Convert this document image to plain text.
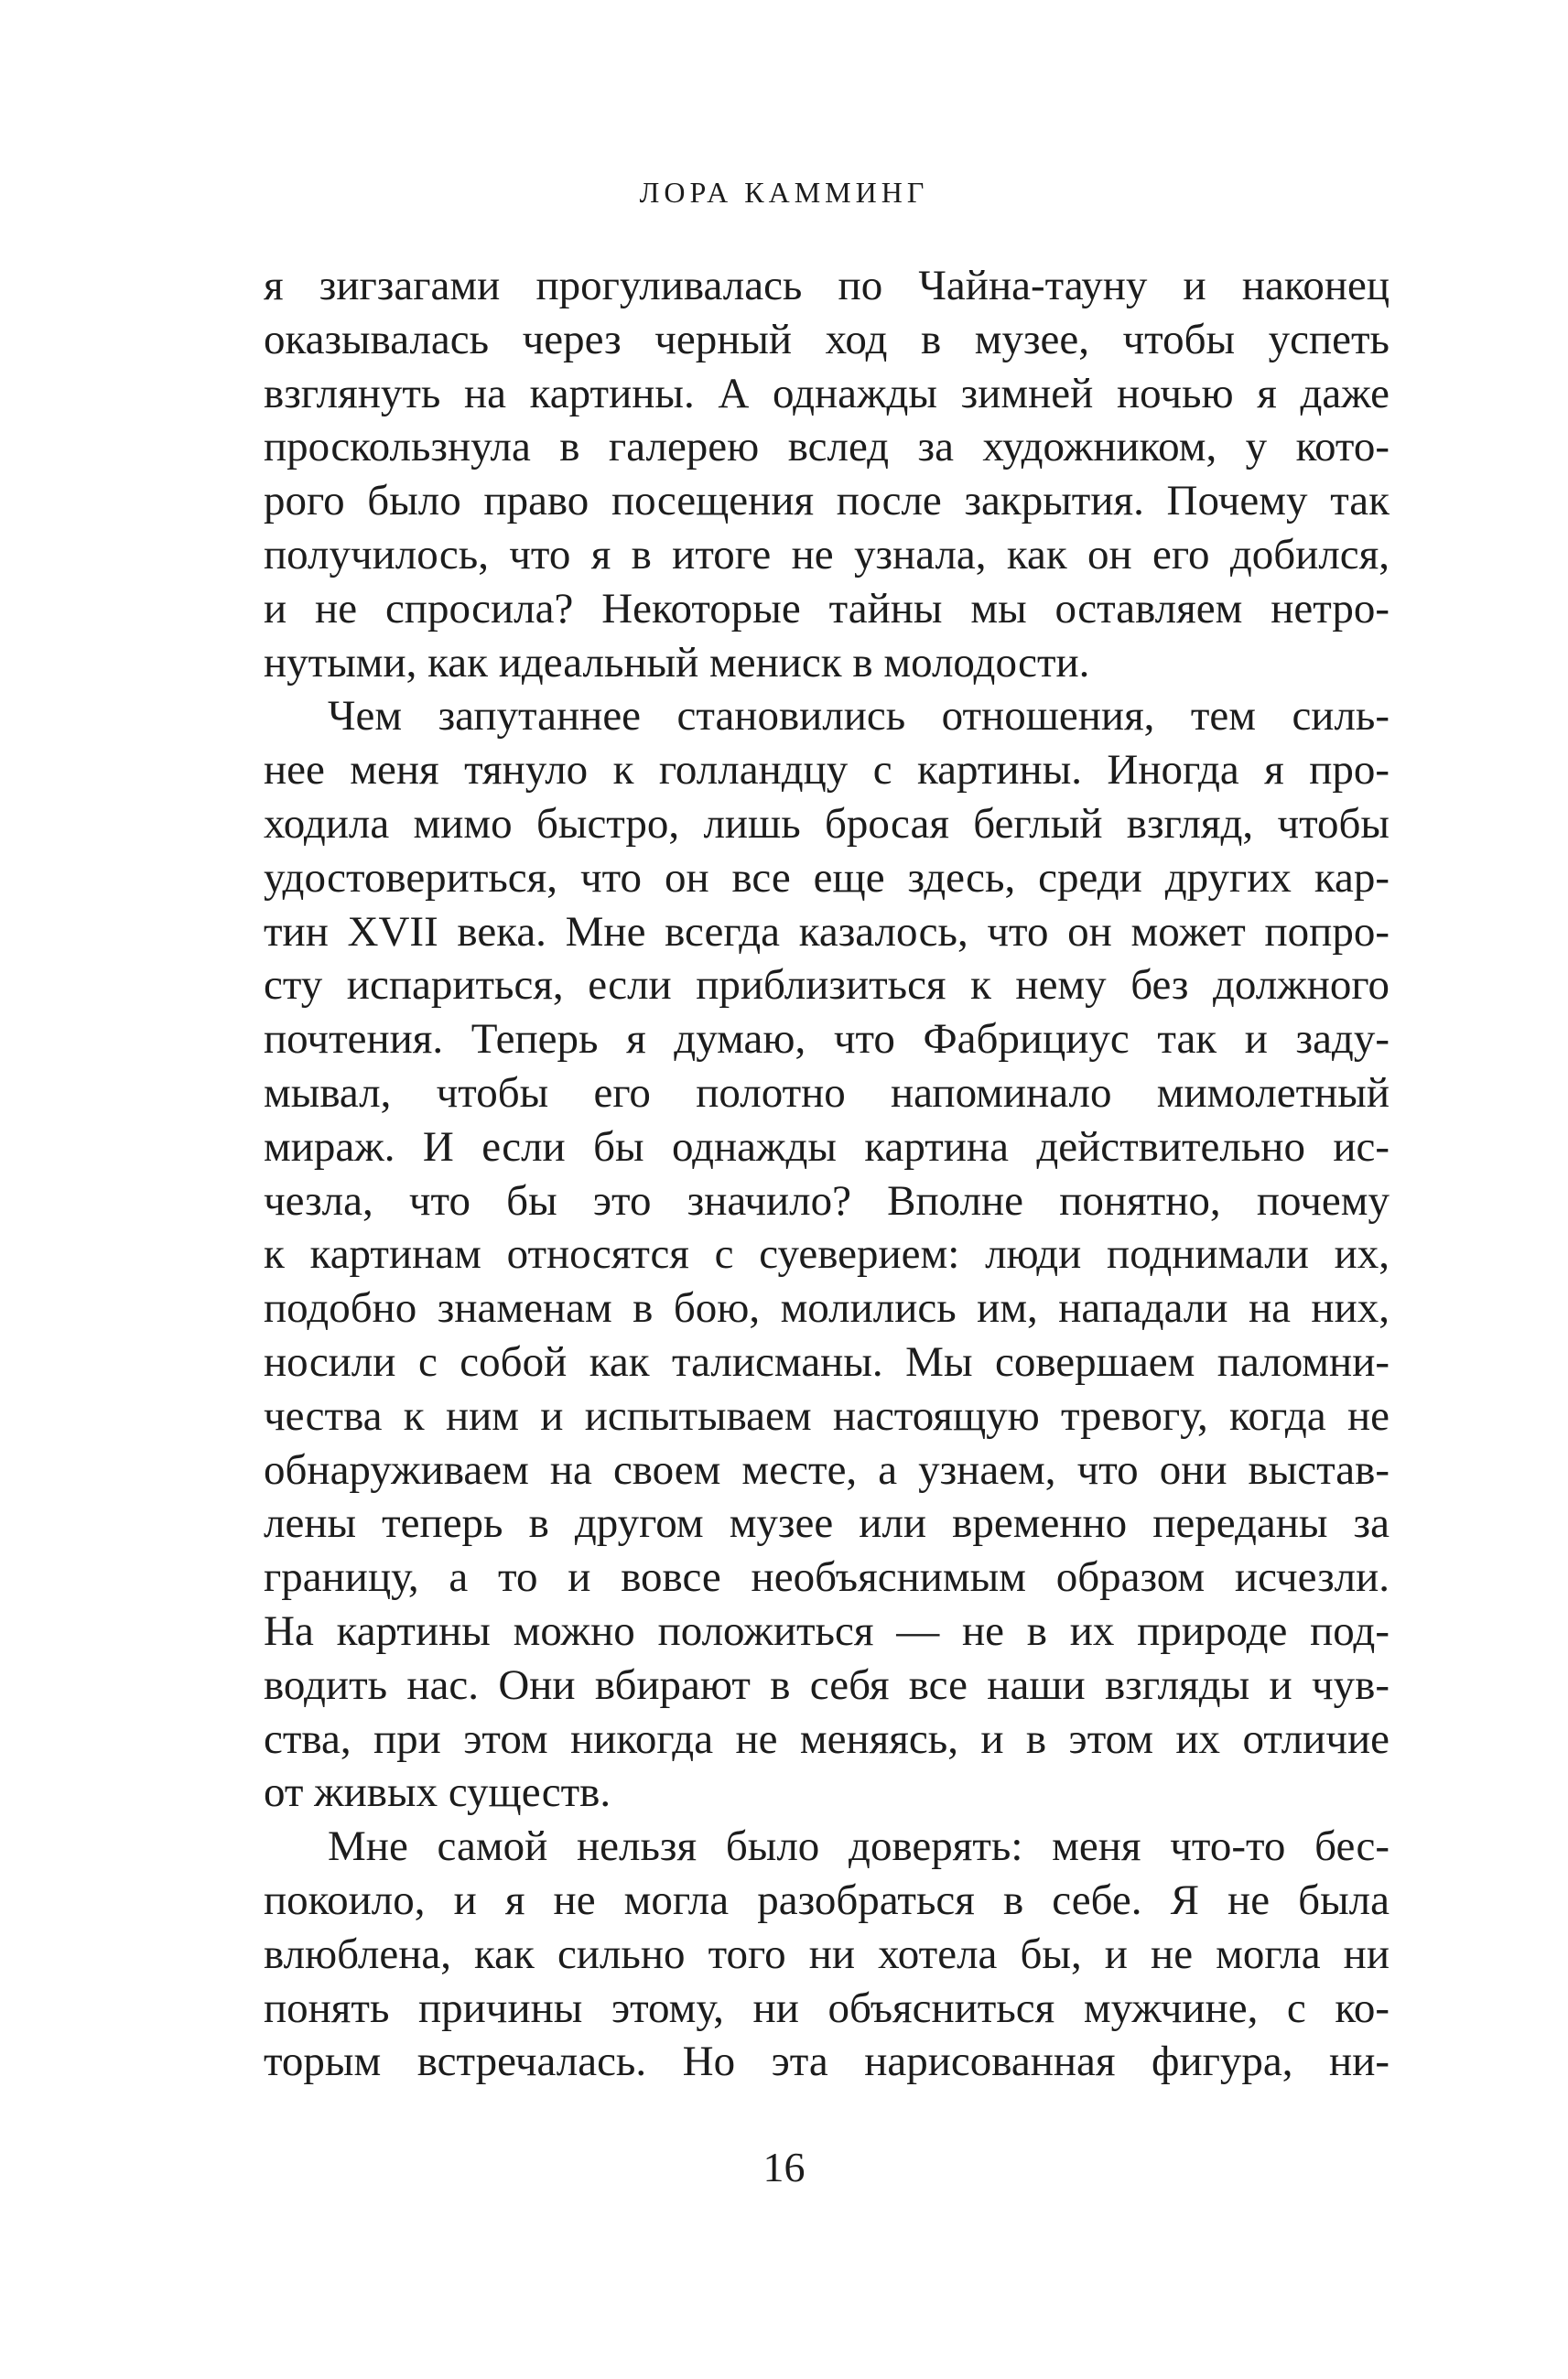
ЛОРА КАММИНГ
я зигзагами прогуливалась по Чайна-тауну и наконец
оказывалась через черный ход в музее, чтобы успеть
взглянуть на картины. А однажды зимней ночью я даже
проскользнула в галерею вслед за художником, у кото-
рого было право посещения после закрытия. Почему так
получилось, что я в итоге не узнала, как он его добился,
и не спросила? Некоторые тайны мы оставляем нетро-
нутыми, как идеальный мениск в молодости.
Чем запутаннее становились отношения, тем силь-
нее меня тянуло к голландцу с картины. Иногда я про-
ходила мимо быстро, лишь бросая беглый взгляд, чтобы
удостовериться, что он все еще здесь, среди других кар-
тин XVII века. Мне всегда казалось, что он может попро-
сту испариться, если приблизиться к нему без должного
почтения. Теперь я думаю, что Фабрициус так и заду-
мывал, чтобы его полотно напоминало мимолетный
мираж. И если бы однажды картина действительно ис-
чезла, что бы это значило? Вполне понятно, почему
к картинам относятся с суеверием: люди поднимали их,
подобно знаменам в бою, молились им, нападали на них,
носили с собой как талисманы. Мы совершаем паломни-
чества к ним и испытываем настоящую тревогу, когда не
обнаруживаем на своем месте, а узнаем, что они выстав-
лены теперь в другом музее или временно переданы за
границу, а то и вовсе необъяснимым образом исчезли.
На картины можно положиться — не в их природе под-
водить нас. Они вбирают в себя все наши взгляды и чув-
ства, при этом никогда не меняясь, и в этом их отличие
от живых существ.
Мне самой нельзя было доверять: меня что-то бес-
покоило, и я не могла разобраться в себе. Я не была
влюблена, как сильно того ни хотела бы, и не могла ни
понять причины этому, ни объясниться мужчине, с ко-
торым встречалась. Но эта нарисованная фигура, ни-
16
